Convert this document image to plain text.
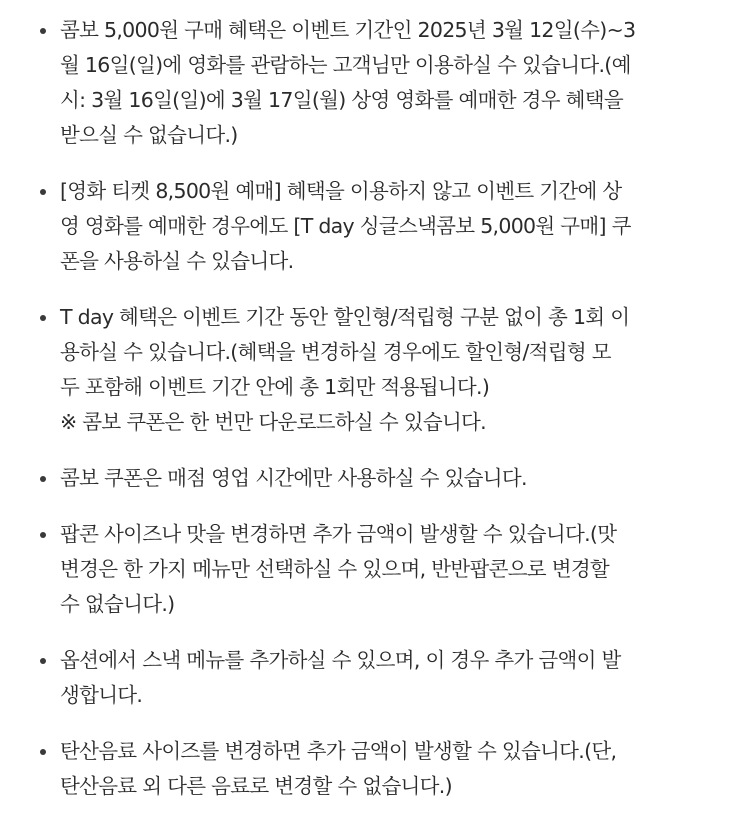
콤보 5,000원 구매 혜택은 이벤트 기간인 2025년 3월 12일(수)~3
월 16일(일)에 영화를 관람하는 고객님만 이용하실 수 있습니다.(예
시: 3월 16일(일)에 3월 17일(월) 상영 영화를 예매한 경우 혜택을
받으실 수 없습니다.)
[영화 티켓 8,500원 예매] 혜택을 이용하지 않고 이벤트 기간에 상
영 영화를 예매한 경우에도 [T day 싱글스낵콤보 5,000원 구매] 쿠
폰을 사용하실 수 있습니다.
T day 혜택은 이벤트 기간 동안 할인형/적립형 구분 없이 총 1회 이
용하실 수 있습니다.(혜택을 변경하실 경우에도 할인형/적립형 모
두 포함해 이벤트 기간 안에 총 1회만 적용됩니다.)
※ 콤보 쿠폰은 한 번만 다운로드하실 수 있습니다.
콤보 쿠폰은 매점 영업 시간에만 사용하실 수 있습니다.
팝콘 사이즈나 맛을 변경하면 추가 금액이 발생할 수 있습니다.(맛
변경은 한 가지 메뉴만 선택하실 수 있으며, 반반팝콘으로 변경할
수 없습니다.)
옵션에서 스낵 메뉴를 추가하실 수 있으며, 이 경우 추가 금액이 발
생합니다.
탄산음료 사이즈를 변경하면 추가 금액이 발생할 수 있습니다.(단,
탄산음료 외 다른 음료로 변경할 수 없습니다.)
